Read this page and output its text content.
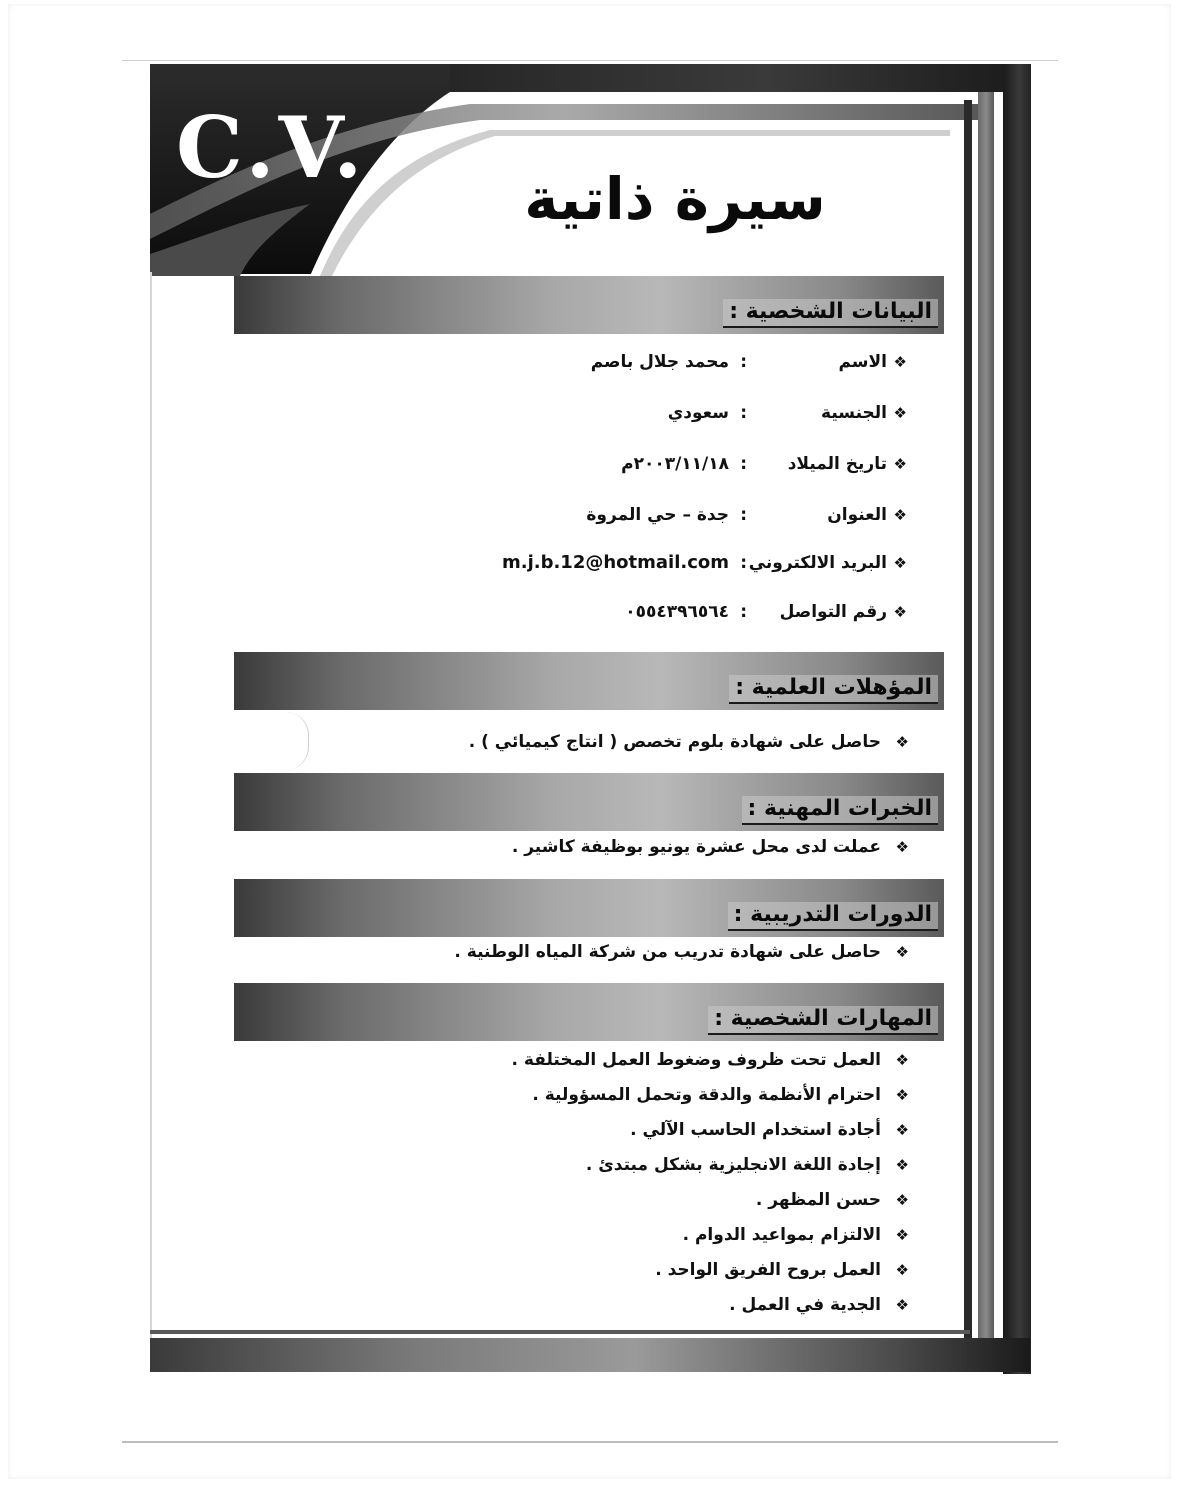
C.V.
سيرة ذاتية
البيانات الشخصية :
❖الاسم:محمد جلال باصم
❖الجنسية:سعودي
❖تاريخ الميلاد:٢٠٠٣/١١/١٨م
❖العنوان:جدة – حي المروة
❖البريد الالكتروني:m.j.b.12@hotmail.com
❖رقم التواصل:٠٥٥٤٣٩٦٥٦٤
المؤهلات العلمية :
❖حاصل على شهادة بلوم تخصص ( انتاج كيميائي ) .
الخبرات المهنية :
❖عملت لدى محل عشرة يونيو بوظيفة كاشير .
الدورات التدريبية :
❖حاصل على شهادة تدريب من شركة المياه الوطنية .
المهارات الشخصية :
❖العمل تحت ظروف وضغوط العمل المختلفة .
❖احترام الأنظمة والدقة وتحمل المسؤولية .
❖أجادة استخدام الحاسب الآلي .
❖إجادة اللغة الانجليزية بشكل مبتدئ .
❖حسن المظهر .
❖الالتزام بمواعيد الدوام .
❖العمل بروح الفريق الواحد .
❖الجدية في العمل .
